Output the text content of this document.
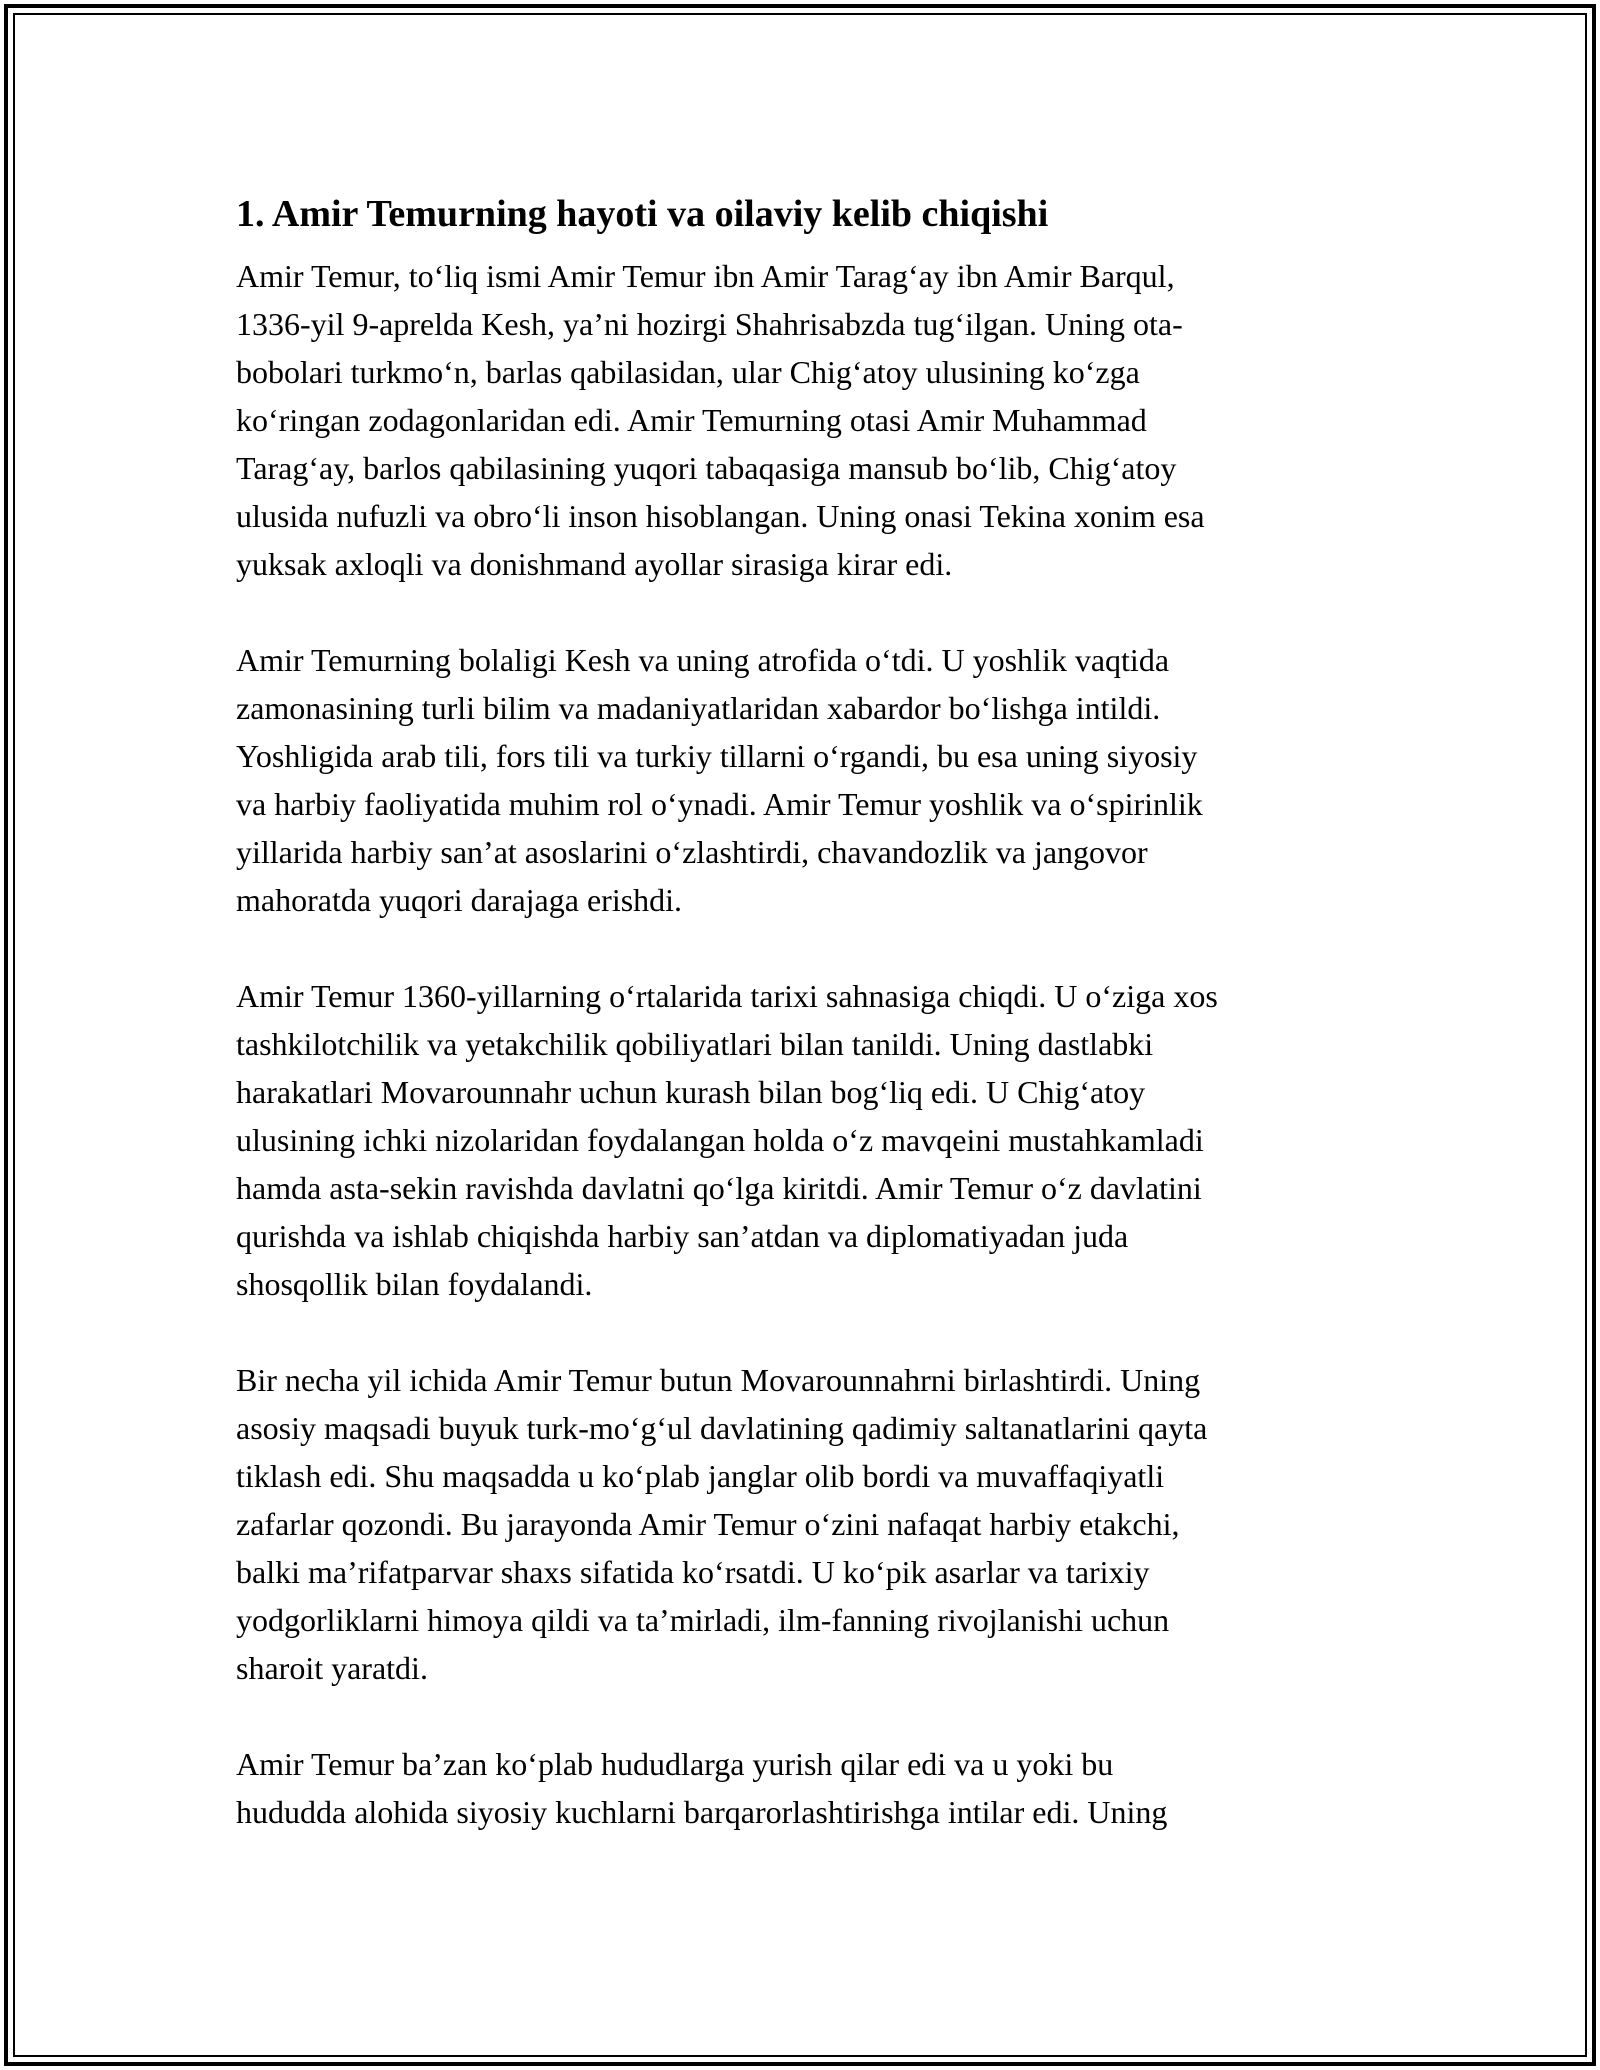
1. Amir Temurning hayoti va oilaviy kelib chiqishi

Amir Temur, to‘liq ismi Amir Temur ibn Amir Tarag‘ay ibn Amir Barqul,
1336-yil 9-aprelda Kesh, ya’ni hozirgi Shahrisabzda tug‘ilgan. Uning ota-
bobolari turkmo‘n, barlas qabilasidan, ular Chig‘atoy ulusining ko‘zga
ko‘ringan zodagonlaridan edi. Amir Temurning otasi Amir Muhammad
Tarag‘ay, barlos qabilasining yuqori tabaqasiga mansub bo‘lib, Chig‘atoy
ulusida nufuzli va obro‘li inson hisoblangan. Uning onasi Tekina xonim esa
yuksak axloqli va donishmand ayollar sirasiga kirar edi.

Amir Temurning bolaligi Kesh va uning atrofida o‘tdi. U yoshlik vaqtida
zamonasining turli bilim va madaniyatlaridan xabardor bo‘lishga intildi.
Yoshligida arab tili, fors tili va turkiy tillarni o‘rgandi, bu esa uning siyosiy
va harbiy faoliyatida muhim rol o‘ynadi. Amir Temur yoshlik va o‘spirinlik
yillarida harbiy san’at asoslarini o‘zlashtirdi, chavandozlik va jangovor
mahoratda yuqori darajaga erishdi.

Amir Temur 1360-yillarning o‘rtalarida tarixi sahnasiga chiqdi. U o‘ziga xos
tashkilotchilik va yetakchilik qobiliyatlari bilan tanildi. Uning dastlabki
harakatlari Movarounnahr uchun kurash bilan bog‘liq edi. U Chig‘atoy
ulusining ichki nizolaridan foydalangan holda o‘z mavqeini mustahkamladi
hamda asta-sekin ravishda davlatni qo‘lga kiritdi. Amir Temur o‘z davlatini
qurishda va ishlab chiqishda harbiy san’atdan va diplomatiyadan juda
shosqollik bilan foydalandi.

Bir necha yil ichida Amir Temur butun Movarounnahrni birlashtirdi. Uning
asosiy maqsadi buyuk turk-mo‘g‘ul davlatining qadimiy saltanatlarini qayta
tiklash edi. Shu maqsadda u ko‘plab janglar olib bordi va muvaffaqiyatli
zafarlar qozondi. Bu jarayonda Amir Temur o‘zini nafaqat harbiy etakchi,
balki ma’rifatparvar shaxs sifatida ko‘rsatdi. U ko‘pik asarlar va tarixiy
yodgorliklarni himoya qildi va ta’mirladi, ilm-fanning rivojlanishi uchun
sharoit yaratdi.

Amir Temur ba’zan ko‘plab hududlarga yurish qilar edi va u yoki bu
hududda alohida siyosiy kuchlarni barqarorlashtirishga intilar edi. Uning
